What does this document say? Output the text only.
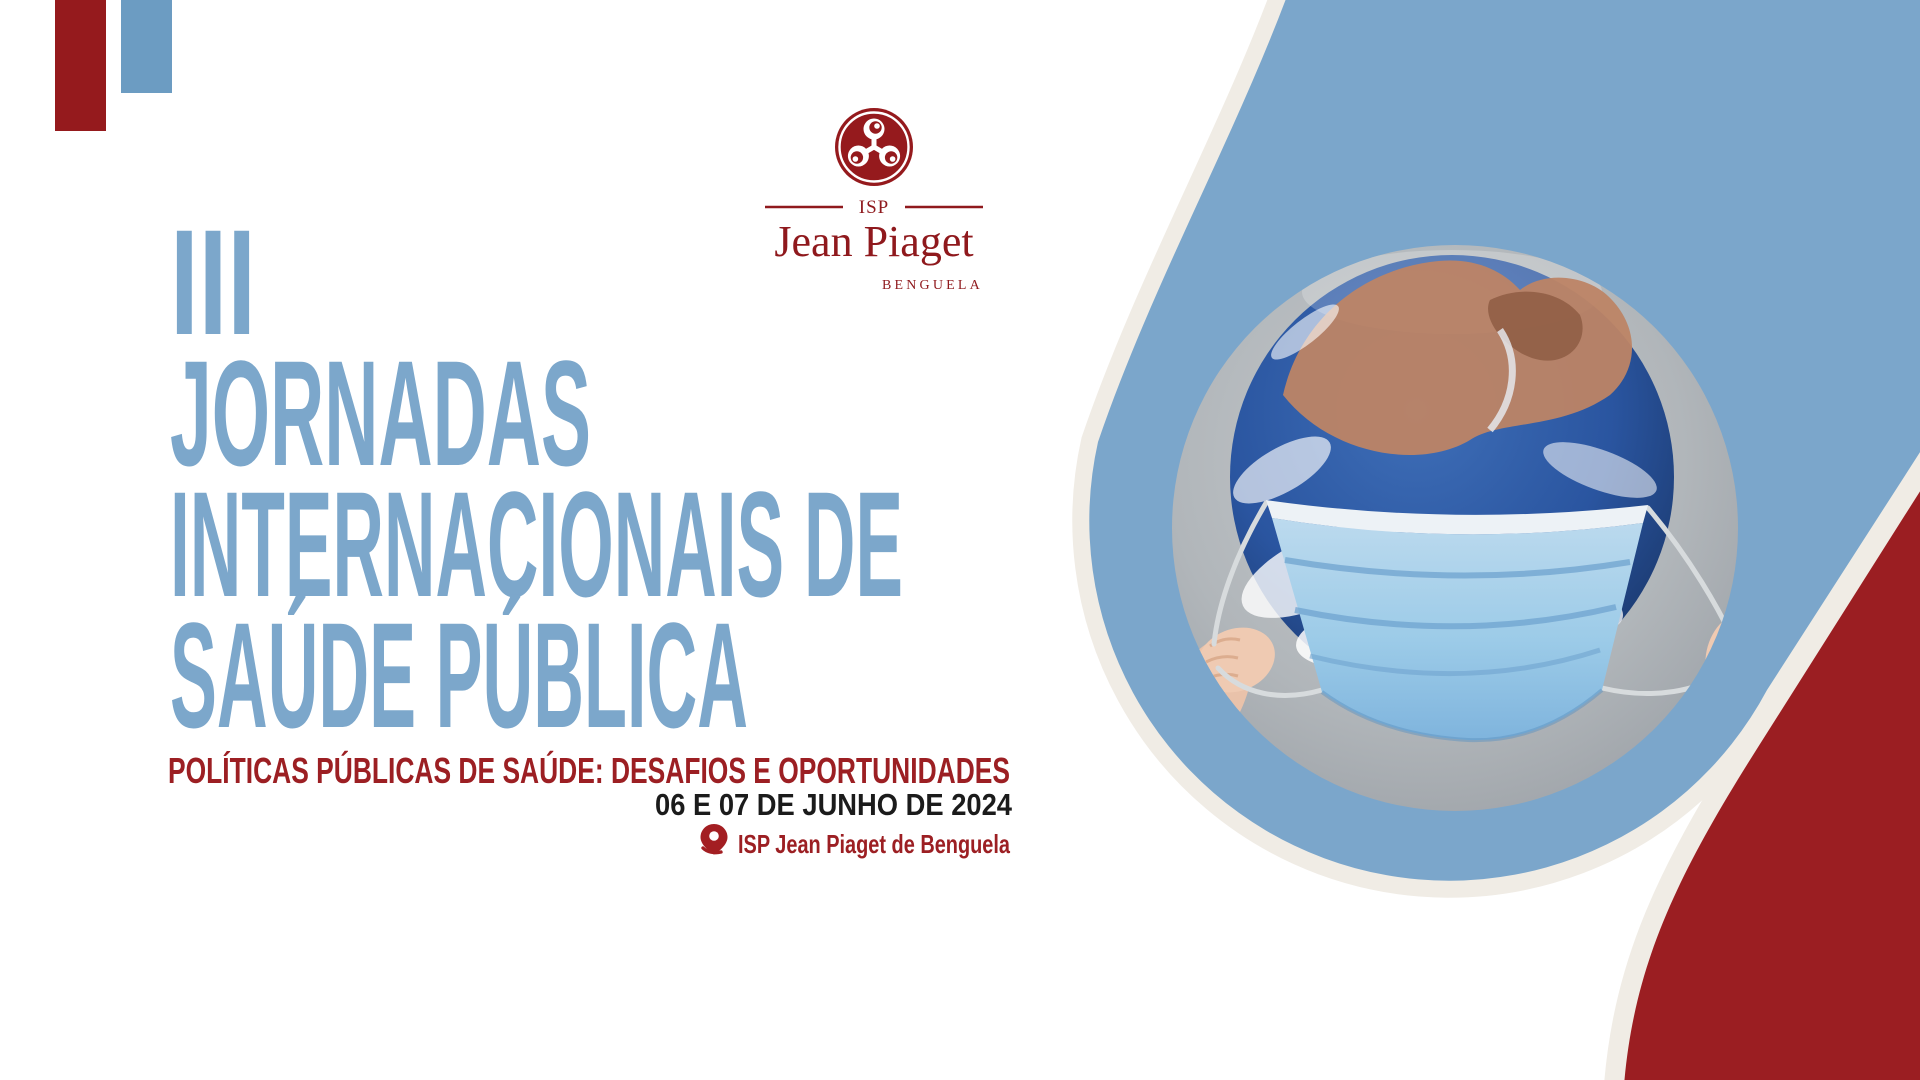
ISP
Jean Piaget
BENGUELA
III
JORNADAS
INTERNACIONAIS DE
SAÚDE PÚBLICA
POLÍTICAS PÚBLICAS DE SAÚDE: DESAFIOS E OPORTUNIDADES
06 E 07 DE JUNHO DE 2024
ISP Jean Piaget de Benguela
